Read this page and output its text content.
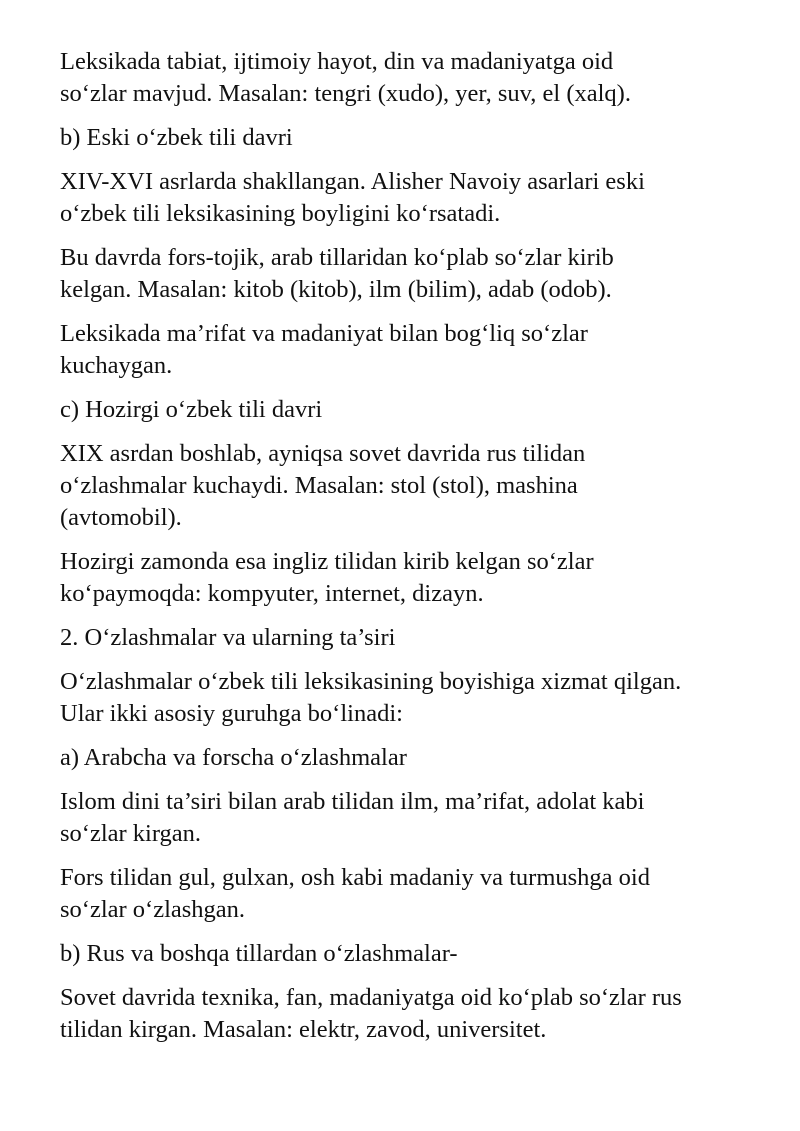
Leksikada tabiat, ijtimoiy hayot, din va madaniyatga oid
so‘zlar mavjud. Masalan: tengri (xudo), yer, suv, el (xalq).

b) Eski o‘zbek tili davri

XIV-XVI asrlarda shakllangan. Alisher Navoiy asarlari eski
o‘zbek tili leksikasining boyligini ko‘rsatadi.

Bu davrda fors-tojik, arab tillaridan ko‘plab so‘zlar kirib
kelgan. Masalan: kitob (kitob), ilm (bilim), adab (odob).

Leksikada ma’rifat va madaniyat bilan bog‘liq so‘zlar
kuchaygan.

c) Hozirgi o‘zbek tili davri

XIX asrdan boshlab, ayniqsa sovet davrida rus tilidan
o‘zlashmalar kuchaydi. Masalan: stol (stol), mashina
(avtomobil).

Hozirgi zamonda esa ingliz tilidan kirib kelgan so‘zlar
ko‘paymoqda: kompyuter, internet, dizayn.

2. O‘zlashmalar va ularning ta’siri

O‘zlashmalar o‘zbek tili leksikasining boyishiga xizmat qilgan.
Ular ikki asosiy guruhga bo‘linadi:

a) Arabcha va forscha o‘zlashmalar

Islom dini ta’siri bilan arab tilidan ilm, ma’rifat, adolat kabi
so‘zlar kirgan.

Fors tilidan gul, gulxan, osh kabi madaniy va turmushga oid
so‘zlar o‘zlashgan.

b) Rus va boshqa tillardan o‘zlashmalar-

Sovet davrida texnika, fan, madaniyatga oid ko‘plab so‘zlar rus
tilidan kirgan. Masalan: elektr, zavod, universitet.
